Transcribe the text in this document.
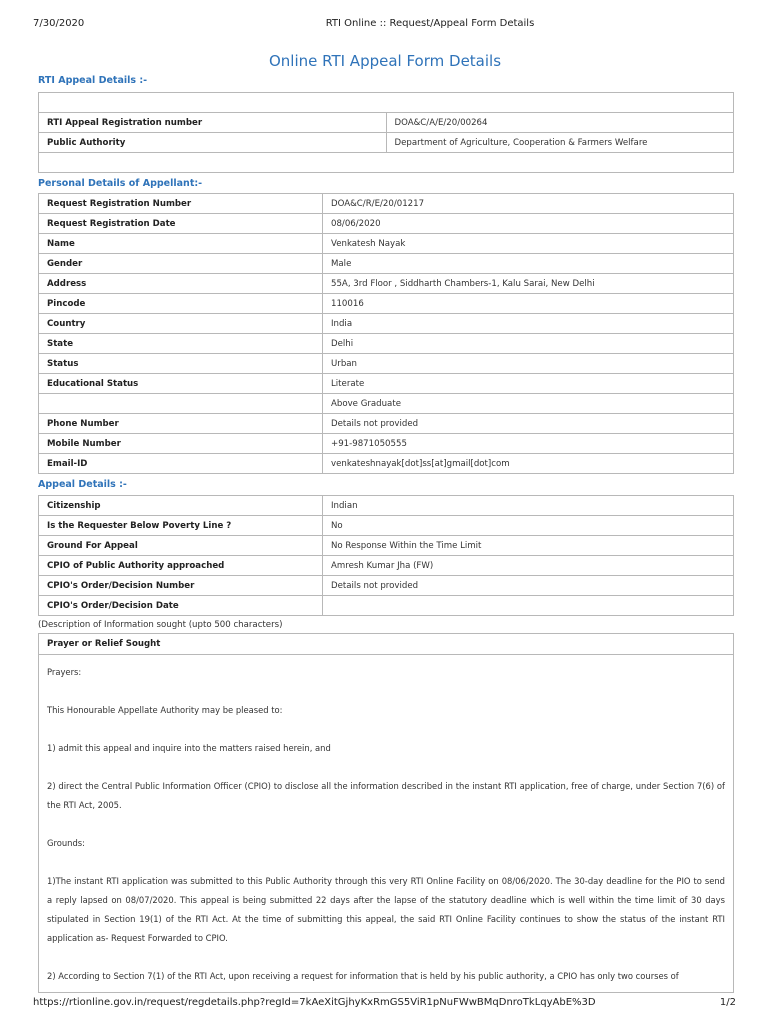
7/30/2020	RTI Online :: Request/Appeal Form Details
Online RTI Appeal Form Details
RTI Appeal Details :-

RTI Appeal Registration number	DOA&C/A/E/20/00264
Public Authority	Department of Agriculture, Cooperation & Farmers Welfare

Personal Details of Appellant:-
Request Registration Number	DOA&C/R/E/20/01217
Request Registration Date	08/06/2020
Name	Venkatesh Nayak
Gender	Male
Address	55A, 3rd Floor , Siddharth Chambers-1, Kalu Sarai, New Delhi
Pincode	110016
Country	India
State	Delhi
Status	Urban
Educational Status	Literate
	Above Graduate
Phone Number	Details not provided
Mobile Number	+91-9871050555
Email-ID	venkateshnayak[dot]ss[at]gmail[dot]com
Appeal Details :-
Citizenship	Indian
Is the Requester Below Poverty Line ?	No
Ground For Appeal	No Response Within the Time Limit
CPIO of Public Authority approached	Amresh Kumar Jha (FW)
CPIO's Order/Decision Number	Details not provided
CPIO's Order/Decision Date	
(Description of Information sought (upto 500 characters)
Prayer or Relief Sought

Prayers:

This Honourable Appellate Authority may be pleased to:

1) admit this appeal and inquire into the matters raised herein, and

2) direct the Central Public Information Officer (CPIO) to disclose all the information described in the instant RTI application, free of charge, under Section 7(6) of the RTI Act, 2005.

Grounds:

1)The instant RTI application was submitted to this Public Authority through this very RTI Online Facility on 08/06/2020. The 30-day deadline for the PIO to send a reply lapsed on 08/07/2020. This appeal is being submitted 22 days after the lapse of the statutory deadline which is well within the time limit of 30 days stipulated in Section 19(1) of the RTI Act. At the time of submitting this appeal, the said RTI Online Facility continues to show the status of the instant RTI application as- Request Forwarded to CPIO.

2) According to Section 7(1) of the RTI Act, upon receiving a request for information that is held by his public authority, a CPIO has only two courses of

https://rtionline.gov.in/request/regdetails.php?regId=7kAeXitGjhyKxRmGS5ViR1pNuFWwBMqDnroTkLqyAbE%3D	1/2
